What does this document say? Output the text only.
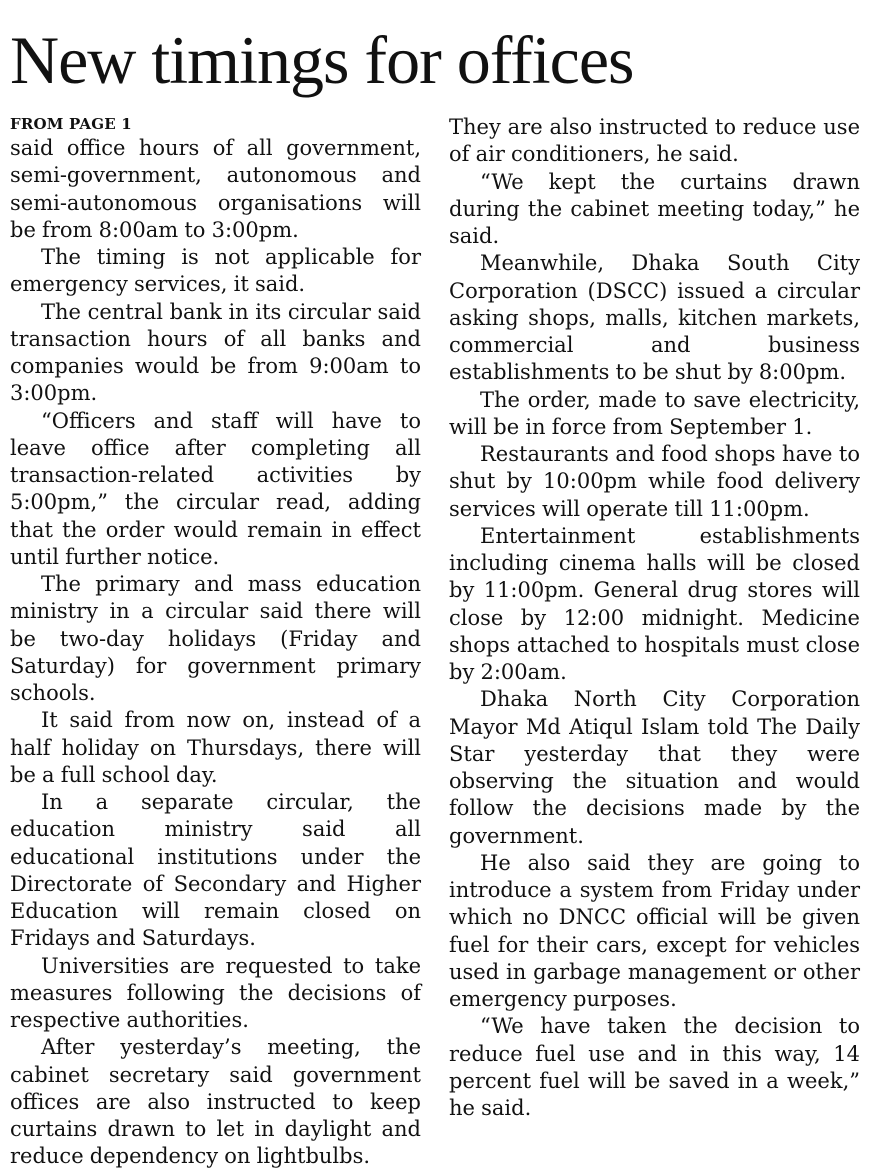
New timings for offices

FROM PAGE 1

said office hours of all government, semi-government, autonomous and semi-autonomous organisations will be from 8:00am to 3:00pm.

The timing is not applicable for emergency services, it said.

The central bank in its circular said transaction hours of all banks and companies would be from 9:00am to 3:00pm.

“Officers and staff will have to leave office after completing all transaction-related activities by 5:00pm,” the circular read, adding that the order would remain in effect until further notice.

The primary and mass education ministry in a circular said there will be two-day holidays (Friday and Saturday) for government primary schools.

It said from now on, instead of a half holiday on Thursdays, there will be a full school day.

In a separate circular, the education ministry said all educational institutions under the Directorate of Secondary and Higher Education will remain closed on Fridays and Saturdays.

Universities are requested to take measures following the decisions of respective authorities.

After yesterday’s meeting, the cabinet secretary said government offices are also instructed to keep curtains drawn to let in daylight and reduce dependency on lightbulbs.

They are also instructed to reduce use of air conditioners, he said.

“We kept the curtains drawn during the cabinet meeting today,” he said.

Meanwhile, Dhaka South City Corporation (DSCC) issued a circular asking shops, malls, kitchen markets, commercial and business establishments to be shut by 8:00pm.

The order, made to save electricity, will be in force from September 1.

Restaurants and food shops have to shut by 10:00pm while food delivery services will operate till 11:00pm.

Entertainment establishments including cinema halls will be closed by 11:00pm. General drug stores will close by 12:00 midnight. Medicine shops attached to hospitals must close by 2:00am.

Dhaka North City Corporation Mayor Md Atiqul Islam told The Daily Star yesterday that they were observing the situation and would follow the decisions made by the government.

He also said they are going to introduce a system from Friday under which no DNCC official will be given fuel for their cars, except for vehicles used in garbage management or other emergency purposes.

“We have taken the decision to reduce fuel use and in this way, 14 percent fuel will be saved in a week,” he said.
